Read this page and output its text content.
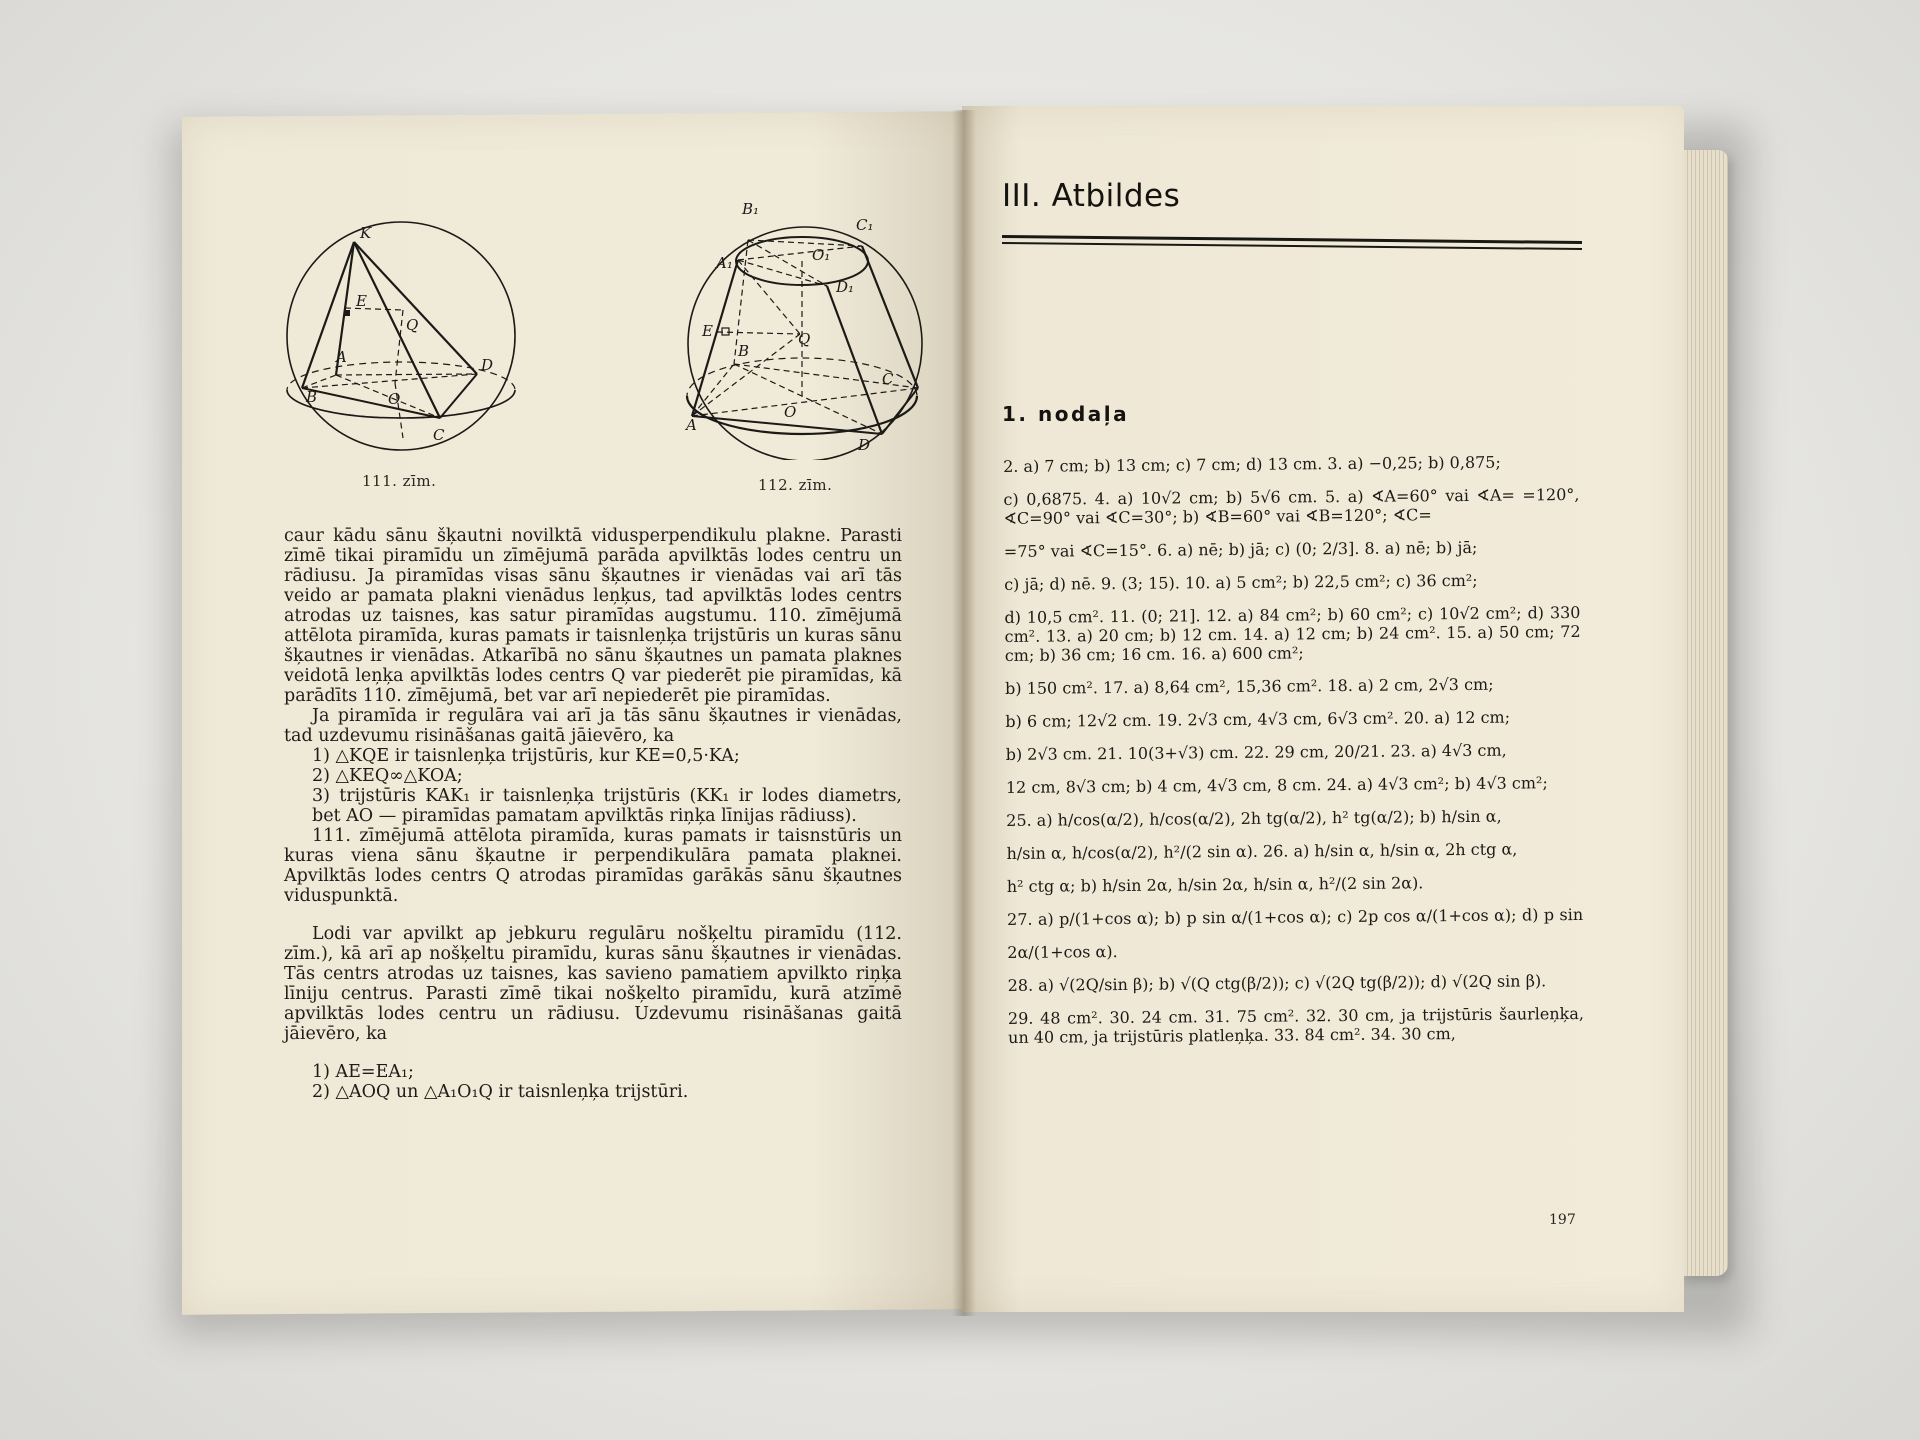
K
E
Q
A	D
B	O
C
111. zīm.
B₁
C₁
A₁	O₁
D₁
E	Q
B
C
A
O
D
112. zīm.

caur kādu sānu šķautni novilktā vidusperpendikulu plakne. Parasti zīmē tikai piramīdu un zīmējumā parāda apvilktās lodes centru un rādiusu. Ja piramīdas visas sānu šķautnes ir vienādas vai arī tās veido ar pamata plakni vienādus leņķus, tad apvilktās lodes centrs atrodas uz taisnes, kas satur piramīdas augstumu. 110. zīmējumā attēlota piramīda, kuras pamats ir taisnleņķa trijstūris un kuras sānu šķautnes ir vienādas. Atkarībā no sānu šķautnes un pamata plaknes veidotā leņķa apvilktās lodes centrs Q var piederēt pie piramīdas, kā parādīts 110. zīmējumā, bet var arī nepiederēt pie piramīdas.

Ja piramīda ir regulāra vai arī ja tās sānu šķautnes ir vienādas, tad uzdevumu risināšanas gaitā jāievēro, ka

1) △KQE ir taisnleņķa trijstūris, kur KE=0,5·KA;

2) △KEQ∞△KOA;

3) trijstūris KAK₁ ir taisnleņķa trijstūris (KK₁ ir lodes diametrs, bet AO — piramīdas pamatam apvilktās riņķa līnijas rādiuss).

111. zīmējumā attēlota piramīda, kuras pamats ir taisnstūris un kuras viena sānu šķautne ir perpendikulāra pamata plaknei. Apvilktās lodes centrs Q atrodas piramīdas garākās sānu šķautnes viduspunktā.

Lodi var apvilkt ap jebkuru regulāru nošķeltu piramīdu (112. zīm.), kā arī ap nošķeltu piramīdu, kuras sānu šķautnes ir vienādas. Tās centrs atrodas uz taisnes, kas savieno pamatiem apvilkto riņķa līniju centrus. Parasti zīmē tikai nošķelto piramīdu, kurā atzīmē apvilktās lodes centru un rādiusu. Uzdevumu risināšanas gaitā jāievēro, ka

1) AE=EA₁;

2) △AOQ un △A₁O₁Q ir taisnleņķa trijstūri.

III. Atbildes
1. nodaļa

2. a) 7 cm; b) 13 cm; c) 7 cm; d) 13 cm. 3. a) −0,25; b) 0,875;

c) 0,6875. 4. a) 10√2 cm; b) 5√6 cm. 5. a) ∢A=60° vai ∢A= =120°, ∢C=90° vai ∢C=30°; b) ∢B=60° vai ∢B=120°; ∢C=

=75° vai ∢C=15°. 6. a) nē; b) jā; c) (0; 2/3]. 8. a) nē; b) jā;

c) jā; d) nē. 9. (3; 15). 10. a) 5 cm²; b) 22,5 cm²; c) 36 cm²;

d) 10,5 cm². 11. (0; 21]. 12. a) 84 cm²; b) 60 cm²; c) 10√2 cm²; d) 330 cm². 13. a) 20 cm; b) 12 cm. 14. a) 12 cm; b) 24 cm². 15. a) 50 cm; 72 cm; b) 36 cm; 16 cm. 16. a) 600 cm²;

b) 150 cm². 17. a) 8,64 cm², 15,36 cm². 18. a) 2 cm, 2√3 cm;

b) 6 cm; 12√2 cm. 19. 2√3 cm, 4√3 cm, 6√3 cm². 20. a) 12 cm;

b) 2√3 cm. 21. 10(3+√3) cm. 22. 29 cm, 20/21. 23. a) 4√3 cm,

12 cm, 8√3 cm; b) 4 cm, 4√3 cm, 8 cm. 24. a) 4√3 cm²; b) 4√3 cm²;

25. a) h/cos(α/2), h/cos(α/2), 2h tg(α/2), h² tg(α/2); b) h/sin α,

h/sin α, h/cos(α/2), h²/(2 sin α). 26. a) h/sin α, h/sin α, 2h ctg α,

h² ctg α; b) h/sin 2α, h/sin 2α, h/sin α, h²/(2 sin 2α).

27. a) p/(1+cos α); b) p sin α/(1+cos α); c) 2p cos α/(1+cos α); d) p sin 2α/(1+cos α).

28. a) √(2Q/sin β); b) √(Q ctg(β/2)); c) √(2Q tg(β/2)); d) √(2Q sin β).

29. 48 cm². 30. 24 cm. 31. 75 cm². 32. 30 cm, ja trijstūris šaurleņķa, un 40 cm, ja trijstūris platleņķa. 33. 84 cm². 34. 30 cm,

197
